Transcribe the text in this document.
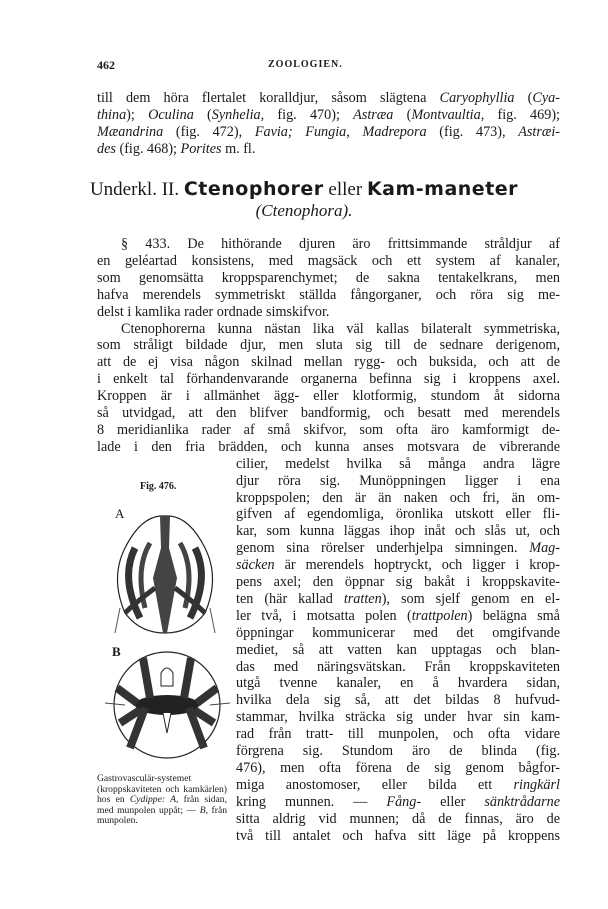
462	ZOOLOGIEN.
till dem höra flertalet koralldjur, såsom slägtena Caryophyllia (Cya-
thina); Oculina (Synhelia, fig. 470); Astræa (Montvaultia, fig. 469);
Mæandrina (fig. 472), Favia; Fungia, Madrepora (fig. 473), Astræi-
des (fig. 468); Porites m. fl.
Underkl. II. Ctenophorer eller Kam-maneter
(Ctenophora).
§ 433. De hithörande djuren äro frittsimmande stråldjur af
en geléartad konsistens, med magsäck och ett system af kanaler,
som genomsätta kroppsparenchymet; de sakna tentakelkrans, men
hafva merendels symmetriskt ställda fångorganer, och röra sig me-
delst i kamlika rader ordnade simskifvor.
Ctenophorerna kunna nästan lika väl kallas bilateralt symmetriska,
som stråligt bildade djur, men sluta sig till de sednare derigenom,
att de ej visa någon skilnad mellan rygg- och buksida, och att de
i enkelt tal förhandenvarande organerna befinna sig i kroppens axel.
Kroppen är i allmänhet ägg- eller klotformig, stundom åt sidorna
så utvidgad, att den blifver bandformig, och besatt med merendels
8 meridianlika rader af små skifvor, som ofta äro kamformigt de-
lade i den fria brädden, och kunna anses motsvara de vibrerande
cilier, medelst hvilka så många andra lägre
djur röra sig. Munöppningen ligger i ena
kroppspolen; den är än naken och fri, än om-
gifven af egendomliga, öronlika utskott eller fli-
kar, som kunna läggas ihop inåt och slås ut, och
genom sina rörelser underhjelpa simningen. Mag-
säcken är merendels hoptryckt, och ligger i krop-
pens axel; den öppnar sig bakåt i kroppskavite-
ten (här kallad tratten), som sjelf genom en el-
ler två, i motsatta polen (trattpolen) belägna små
öppningar kommunicerar med det omgifvande
mediet, så att vatten kan upptagas och blan-
das med näringsvätskan. Från kroppskaviteten
utgå tvenne kanaler, en å hvardera sidan,
hvilka dela sig så, att det bildas 8 hufvud-
stammar, hvilka sträcka sig under hvar sin kam-
rad från tratt- till munpolen, och ofta vidare
förgrena sig. Stundom äro de blinda (fig.
476), men ofta förena de sig genom bågfor-
miga anostomoser, eller bilda ett ringkärl
kring munnen. — Fång- eller sänktrådarne
sitta aldrig vid munnen; då de finnas, äro de
två till antalet och hafva sitt läge på kroppens
Fig. 476.
A
B
Gastrovasculär-systemet (kroppskaviteten och kamkärlen) hos en Cydippe: A, från sidan, med munpolen uppåt; — B, från munpolen.
